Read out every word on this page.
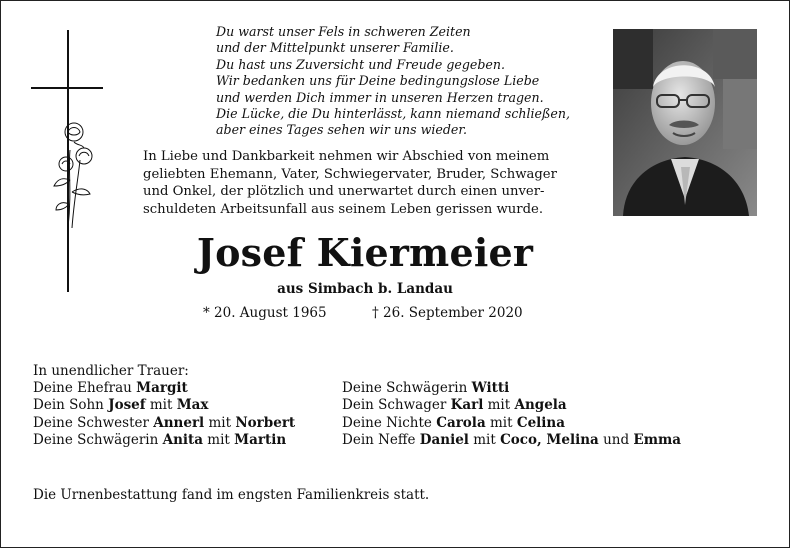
Du warst unser Fels in schweren Zeiten
und der Mittelpunkt unserer Familie.
Du hast uns Zuversicht und Freude gegeben.
Wir bedanken uns für Deine bedingungslose Liebe
und werden Dich immer in unseren Herzen tragen.
Die Lücke, die Du hinterlässt, kann niemand schließen,
aber eines Tages sehen wir uns wieder.
In Liebe und Dankbarkeit nehmen wir Abschied von meinem
geliebten Ehemann, Vater, Schwiegervater, Bruder, Schwager
und Onkel, der plötzlich und unerwartet durch einen unver-
schuldeten Arbeitsunfall aus seinem Leben gerissen wurde.
Josef Kiermeier
aus Simbach b. Landau
* 20. August 1965	† 26. September 2020
In unendlicher Trauer:
Deine Ehefrau Margit
Dein Sohn Josef mit Max
Deine Schwester Annerl mit Norbert
Deine Schwägerin Anita mit Martin
Deine Schwägerin Witti
Dein Schwager Karl mit Angela
Deine Nichte Carola mit Celina
Dein Neffe Daniel mit Coco, Melina und Emma
Die Urnenbestattung fand im engsten Familienkreis statt.
